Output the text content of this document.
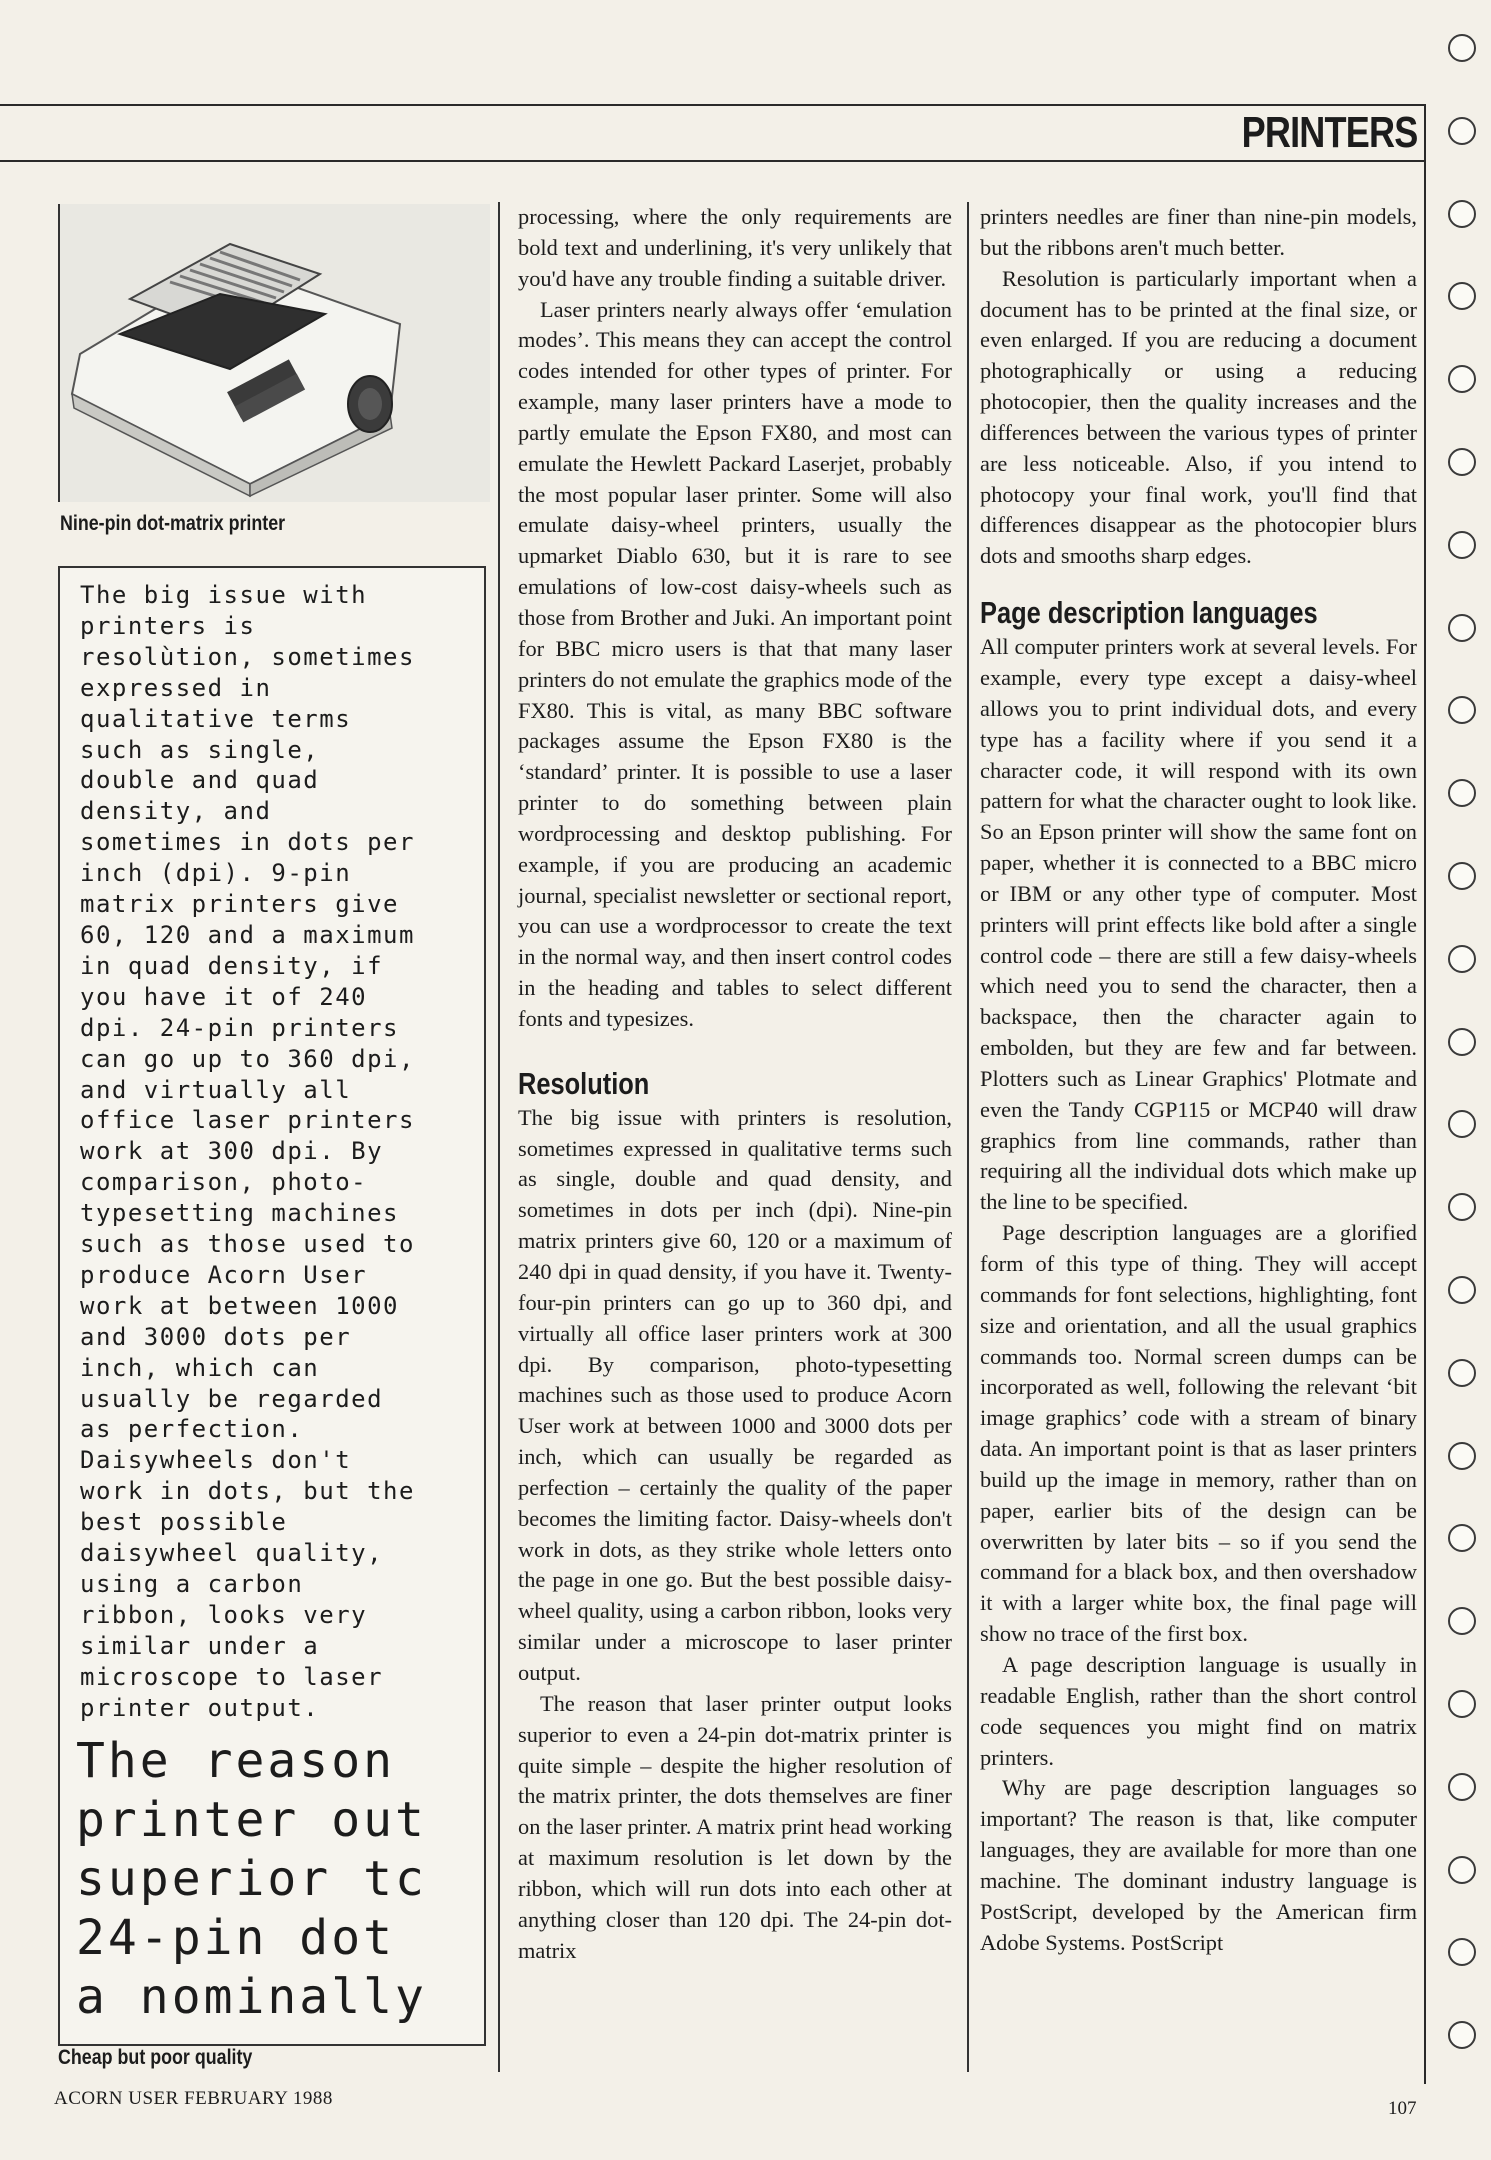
PRINTERS
Nine-pin dot-matrix printer
The big issue with
printers is
resolùtion, sometimes
expressed in
qualitative terms
such as single,
double and quad
density, and
sometimes in dots per
inch (dpi). 9-pin
matrix printers give
60, 120 and a maximum
in quad density, if
you have it of 240
dpi. 24-pin printers
can go up to 360 dpi,
and virtually all
office laser printers
work at 300 dpi. By
comparison, photo-
typesetting machines
such as those used to
produce Acorn User
work at between 1000
and 3000 dots per
inch, which can
usually be regarded
as perfection.
Daisywheels don't
work in dots, but the
best possible
daisywheel quality,
using a carbon
ribbon, looks very
similar under a
microscope to laser
printer output.
The reason
printer out
superior tc
24-pin dot
a nominally
Cheap but poor quality

processing, where the only requirements are bold text and underlining, it's very unlikely that you'd have any trouble finding a suitable driver.

Laser printers nearly always offer ‘emulation modes’. This means they can accept the control codes intended for other types of printer. For example, many laser printers have a mode to partly emulate the Epson FX80, and most can emulate the Hewlett Packard Laserjet, probably the most popular laser printer. Some will also emulate daisy-wheel printers, usually the upmarket Diablo 630, but it is rare to see emulations of low-cost daisy-wheels such as those from Brother and Juki. An important point for BBC micro users is that that many laser printers do not emulate the graphics mode of the FX80. This is vital, as many BBC software packages assume the Epson FX80 is the ‘standard’ printer. It is possible to use a laser printer to do something between plain wordprocessing and desktop publishing. For example, if you are producing an academic journal, specialist newsletter or sectional report, you can use a wordprocessor to create the text in the normal way, and then insert control codes in the heading and tables to select different fonts and typesizes.

Resolution

The big issue with printers is resolution, sometimes expressed in qualitative terms such as single, double and quad density, and sometimes in dots per inch (dpi). Nine-pin matrix printers give 60, 120 or a maximum of 240 dpi in quad density, if you have it. Twenty-four-pin printers can go up to 360 dpi, and virtually all office laser printers work at 300 dpi. By comparison, photo-typesetting machines such as those used to produce Acorn User work at between 1000 and 3000 dots per inch, which can usually be regarded as perfection – certainly the quality of the paper becomes the limiting factor. Daisy-wheels don't work in dots, as they strike whole letters onto the page in one go. But the best possible daisy-wheel quality, using a carbon ribbon, looks very similar under a microscope to laser printer output.

The reason that laser printer output looks superior to even a 24-pin dot-matrix printer is quite simple – despite the higher resolution of the matrix printer, the dots themselves are finer on the laser printer. A matrix print head working at maximum resolution is let down by the ribbon, which will run dots into each other at anything closer than 120 dpi. The 24-pin dot-matrix

printers needles are finer than nine-pin models, but the ribbons aren't much better.

Resolution is particularly important when a document has to be printed at the final size, or even enlarged. If you are reducing a document photographically or using a reducing photocopier, then the quality increases and the differences between the various types of printer are less noticeable. Also, if you intend to photocopy your final work, you'll find that differences disappear as the photocopier blurs dots and smooths sharp edges.

Page description languages

All computer printers work at several levels. For example, every type except a daisy-wheel allows you to print individual dots, and every type has a facility where if you send it a character code, it will respond with its own pattern for what the character ought to look like. So an Epson printer will show the same font on paper, whether it is connected to a BBC micro or IBM or any other type of computer. Most printers will print effects like bold after a single control code – there are still a few daisy-wheels which need you to send the character, then a backspace, then the character again to embolden, but they are few and far between. Plotters such as Linear Graphics' Plotmate and even the Tandy CGP115 or MCP40 will draw graphics from line commands, rather than requiring all the individual dots which make up the line to be specified.

Page description languages are a glorified form of this type of thing. They will accept commands for font selections, highlighting, font size and orientation, and all the usual graphics commands too. Normal screen dumps can be incorporated as well, following the relevant ‘bit image graphics’ code with a stream of binary data. An important point is that as laser printers build up the image in memory, rather than on paper, earlier bits of the design can be overwritten by later bits – so if you send the command for a black box, and then overshadow it with a larger white box, the final page will show no trace of the first box.

A page description language is usually in readable English, rather than the short control code sequences you might find on matrix printers.

Why are page description languages so important? The reason is that, like computer languages, they are available for more than one machine. The dominant industry language is PostScript, developed by the American firm Adobe Systems. PostScript

ACORN USER FEBRUARY 1988	107
